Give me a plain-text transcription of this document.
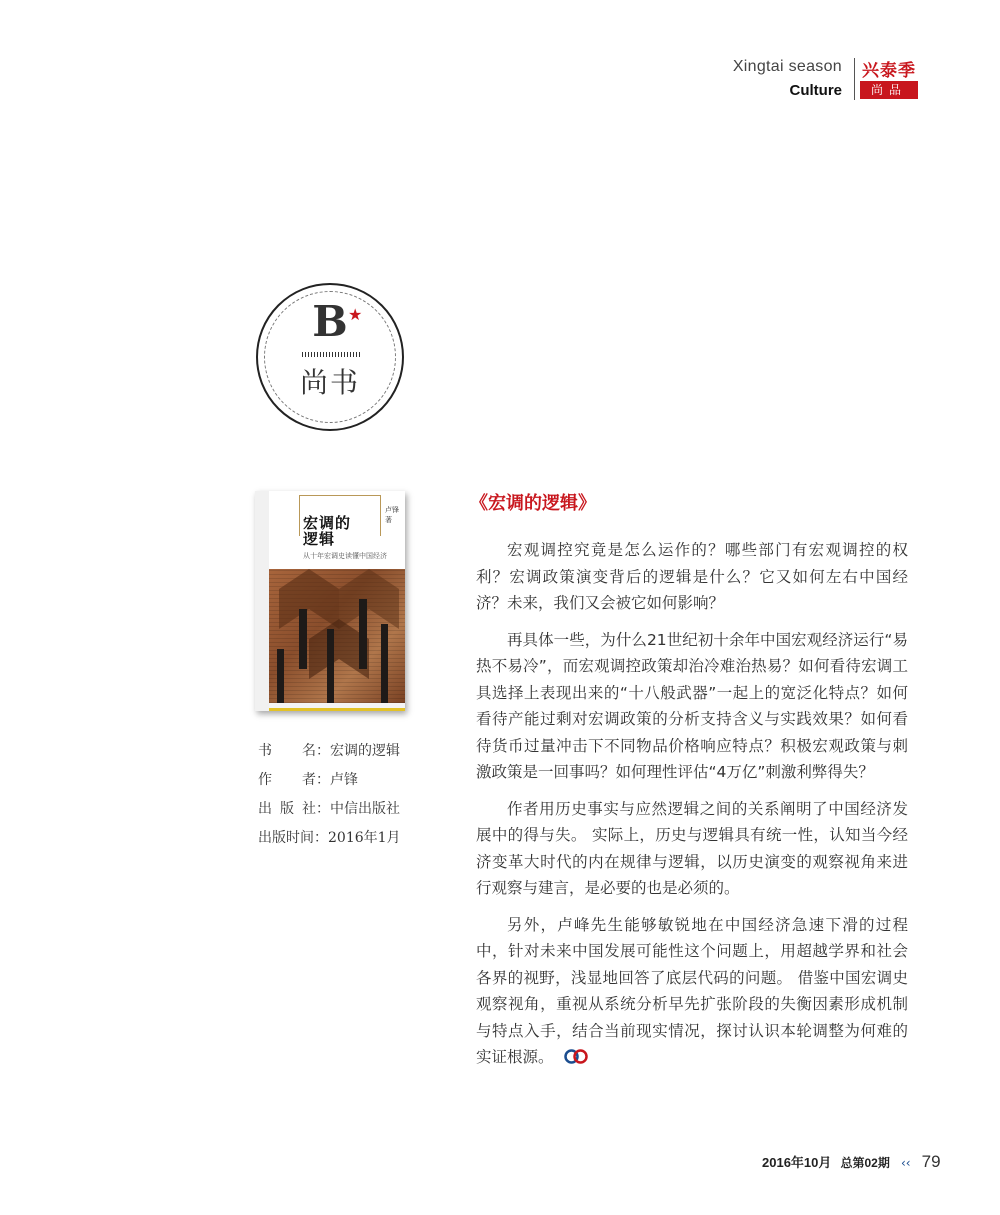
Xingtai season
Culture
兴泰季
尚品
B ★
尚书
卢锋 著
宏调的
逻辑
从十年宏调史读懂中国经济
书　名：宏调的逻辑
作　者：卢锋
出版社：中信出版社
出版时间：2016年1月
《宏调的逻辑》

宏观调控究竟是怎么运作的？哪些部门有宏观调控的权利？宏调政策演变背后的逻辑是什么？它又如何左右中国经济？未来，我们又会被它如何影响？

再具体一些，为什么21世纪初十余年中国宏观经济运行“易热不易冷”，而宏观调控政策却治冷难治热易？如何看待宏调工具选择上表现出来的“十八般武器”一起上的宽泛化特点？如何看待产能过剩对宏调政策的分析支持含义与实践效果？如何看待货币过量冲击下不同物品价格响应特点？积极宏观政策与刺激政策是一回事吗？如何理性评估“4万亿”刺激利弊得失？

作者用历史事实与应然逻辑之间的关系阐明了中国经济发展中的得与失。 实际上，历史与逻辑具有统一性，认知当今经济变革大时代的内在规律与逻辑，以历史演变的观察视角来进行观察与建言，是必要的也是必须的。

另外，卢峰先生能够敏锐地在中国经济急速下滑的过程中，针对未来中国发展可能性这个问题上，用超越学界和社会各界的视野，浅显地回答了底层代码的问题。 借鉴中国宏调史观察视角，重视从系统分析早先扩张阶段的失衡因素形成机制与特点入手，结合当前现实情况，探讨认识本轮调整为何难的实证根源。

2016年10月 总第02期 ‹‹ 79
